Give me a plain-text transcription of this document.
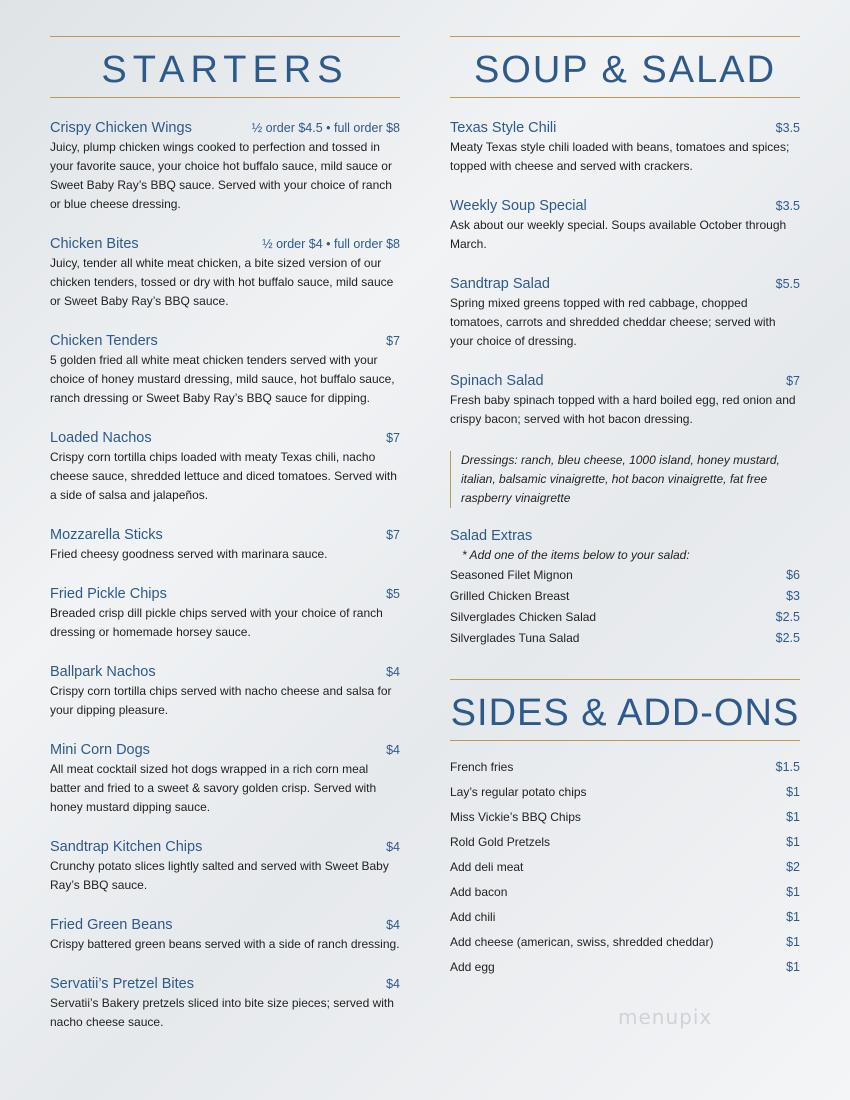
STARTERS
Crispy Chicken Wings	½ order $4.5 • full order $8
Juicy, plump chicken wings cooked to perfection and tossed in your favorite sauce, your choice hot buffalo sauce, mild sauce or Sweet Baby Ray’s BBQ sauce. Served with your choice of ranch or blue cheese dressing.
Chicken Bites	½ order $4 • full order $8
Juicy, tender all white meat chicken, a bite sized version of our chicken tenders, tossed or dry with hot buffalo sauce, mild sauce or Sweet Baby Ray’s BBQ sauce.
Chicken Tenders	$7
5 golden fried all white meat chicken tenders served with your choice of honey mustard dressing, mild sauce, hot buffalo sauce, ranch dressing or Sweet Baby Ray’s BBQ sauce for dipping.
Loaded Nachos	$7
Crispy corn tortilla chips loaded with meaty Texas chili, nacho cheese sauce, shredded lettuce and diced tomatoes. Served with a side of salsa and jalapeños.
Mozzarella Sticks	$7
Fried cheesy goodness served with marinara sauce.
Fried Pickle Chips	$5
Breaded crisp dill pickle chips served with your choice of ranch dressing or homemade horsey sauce.
Ballpark Nachos	$4
Crispy corn tortilla chips served with nacho cheese and salsa for your dipping pleasure.
Mini Corn Dogs	$4
All meat cocktail sized hot dogs wrapped in a rich corn meal batter and fried to a sweet & savory golden crisp. Served with honey mustard dipping sauce.
Sandtrap Kitchen Chips	$4
Crunchy potato slices lightly salted and served with Sweet Baby Ray’s BBQ sauce.
Fried Green Beans	$4
Crispy battered green beans served with a side of ranch dressing.
Servatii’s Pretzel Bites	$4
Servatii’s Bakery pretzels sliced into bite size pieces; served with nacho cheese sauce.
SOUP & SALAD
Texas Style Chili	$3.5
Meaty Texas style chili loaded with beans, tomatoes and spices; topped with cheese and served with crackers.
Weekly Soup Special	$3.5
Ask about our weekly special. Soups available October through March.
Sandtrap Salad	$5.5
Spring mixed greens topped with red cabbage, chopped tomatoes, carrots and shredded cheddar cheese; served with your choice of dressing.
Spinach Salad	$7
Fresh baby spinach topped with a hard boiled egg, red onion and crispy bacon; served with hot bacon dressing.
Dressings: ranch, bleu cheese, 1000 island, honey mustard, italian, balsamic vinaigrette, hot bacon vinaigrette, fat free raspberry vinaigrette
Salad Extras
* Add one of the items below to your salad:
Seasoned Filet Mignon	$6
Grilled Chicken Breast	$3
Silverglades Chicken Salad	$2.5
Silverglades Tuna Salad	$2.5
SIDES & ADD-ONS
French fries	$1.5
Lay’s regular potato chips	$1
Miss Vickie’s BBQ Chips	$1
Rold Gold Pretzels	$1
Add deli meat	$2
Add bacon	$1
Add chili	$1
Add cheese (american, swiss, shredded cheddar)	$1
Add egg	$1
menupix
